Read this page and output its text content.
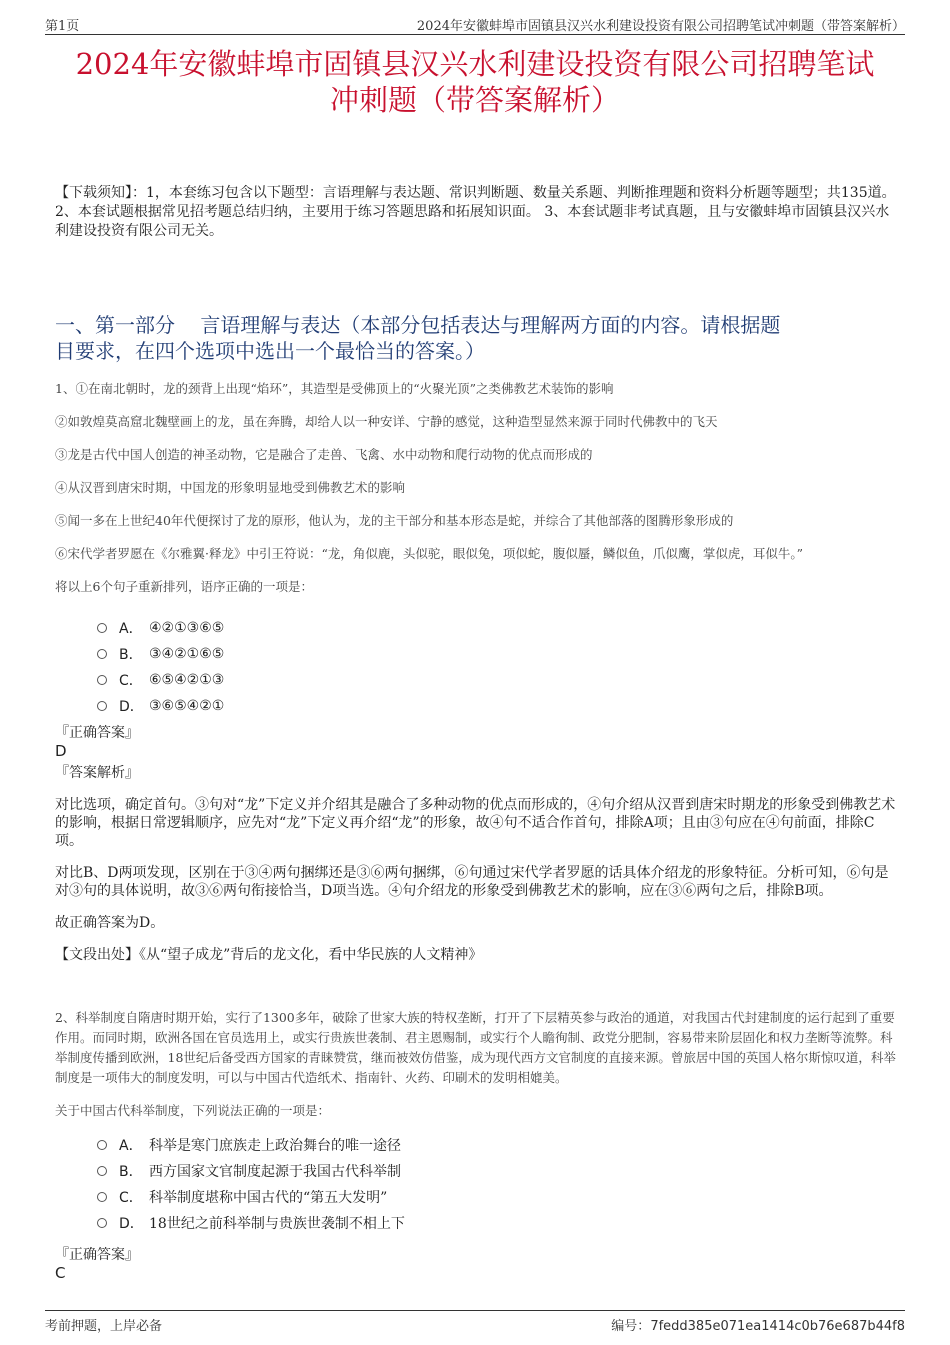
第1页	2024年安徽蚌埠市固镇县汉兴水利建设投资有限公司招聘笔试冲刺题（带答案解析）
2024年安徽蚌埠市固镇县汉兴水利建设投资有限公司招聘笔试
冲刺题（带答案解析）
【下载须知】：1，本套练习包含以下题型：言语理解与表达题、常识判断题、数量关系题、判断推理题和资料分析题等题型；共135道。 2、本套试题根据常见招考题总结归纳，主要用于练习答题思路和拓展知识面。 3、本套试题非考试真题，且与安徽蚌埠市固镇县汉兴水利建设投资有限公司无关。
一、第一部分    言语理解与表达（本部分包括表达与理解两方面的内容。请根据题
目要求，在四个选项中选出一个最恰当的答案。）

1、①在南北朝时，龙的颈背上出现“焰环”，其造型是受佛顶上的“火聚光顶”之类佛教艺术装饰的影响

②如敦煌莫高窟北魏壁画上的龙，虽在奔腾，却给人以一种安详、宁静的感觉，这种造型显然来源于同时代佛教中的飞天

③龙是古代中国人创造的神圣动物，它是融合了走兽、飞禽、水中动物和爬行动物的优点而形成的

④从汉晋到唐宋时期，中国龙的形象明显地受到佛教艺术的影响

⑤闻一多在上世纪40年代便探讨了龙的原形，他认为，龙的主干部分和基本形态是蛇，并综合了其他部落的图腾形象形成的

⑥宋代学者罗愿在《尔雅翼·释龙》中引王符说：“龙，角似鹿，头似驼，眼似兔，项似蛇，腹似蜃，鳞似鱼，爪似鹰，掌似虎，耳似牛。”

将以上6个句子重新排列，语序正确的一项是：

A． ④②①③⑥⑤
B． ③④②①⑥⑤
C． ⑥⑤④②①③
D． ③⑥⑤④②①
『正确答案』
D
『答案解析』

对比选项，确定首句。③句对“龙”下定义并介绍其是融合了多种动物的优点而形成的，④句介绍从汉晋到唐宋时期龙的形象受到佛教艺术的影响，根据日常逻辑顺序，应先对“龙”下定义再介绍“龙”的形象，故④句不适合作首句，排除A项；且由③句应在④句前面，排除C项。

对比B、D两项发现，区别在于③④两句捆绑还是③⑥两句捆绑，⑥句通过宋代学者罗愿的话具体介绍龙的形象特征。分析可知，⑥句是对③句的具体说明，故③⑥两句衔接恰当，D项当选。④句介绍龙的形象受到佛教艺术的影响，应在③⑥两句之后，排除B项。

故正确答案为D。

【文段出处】《从“望子成龙”背后的龙文化，看中华民族的人文精神》

2、科举制度自隋唐时期开始，实行了1300多年，破除了世家大族的特权垄断，打开了下层精英参与政治的通道，对我国古代封建制度的运行起到了重要作用。而同时期，欧洲各国在官员选用上，或实行贵族世袭制、君主恩赐制，或实行个人瞻徇制、政党分肥制，容易带来阶层固化和权力垄断等流弊。科举制度传播到欧洲，18世纪后备受西方国家的青睐赞赏，继而被效仿借鉴，成为现代西方文官制度的直接来源。曾旅居中国的英国人格尔斯惊叹道，科举制度是一项伟大的制度发明，可以与中国古代造纸术、指南针、火药、印刷术的发明相媲美。

关于中国古代科举制度，下列说法正确的一项是：

A． 科举是寒门庶族走上政治舞台的唯一途径
B． 西方国家文官制度起源于我国古代科举制
C． 科举制度堪称中国古代的“第五大发明”
D． 18世纪之前科举制与贵族世袭制不相上下
『正确答案』
C
考前押题，上岸必备	编号：7fedd385e071ea1414c0b76e687b44f8
